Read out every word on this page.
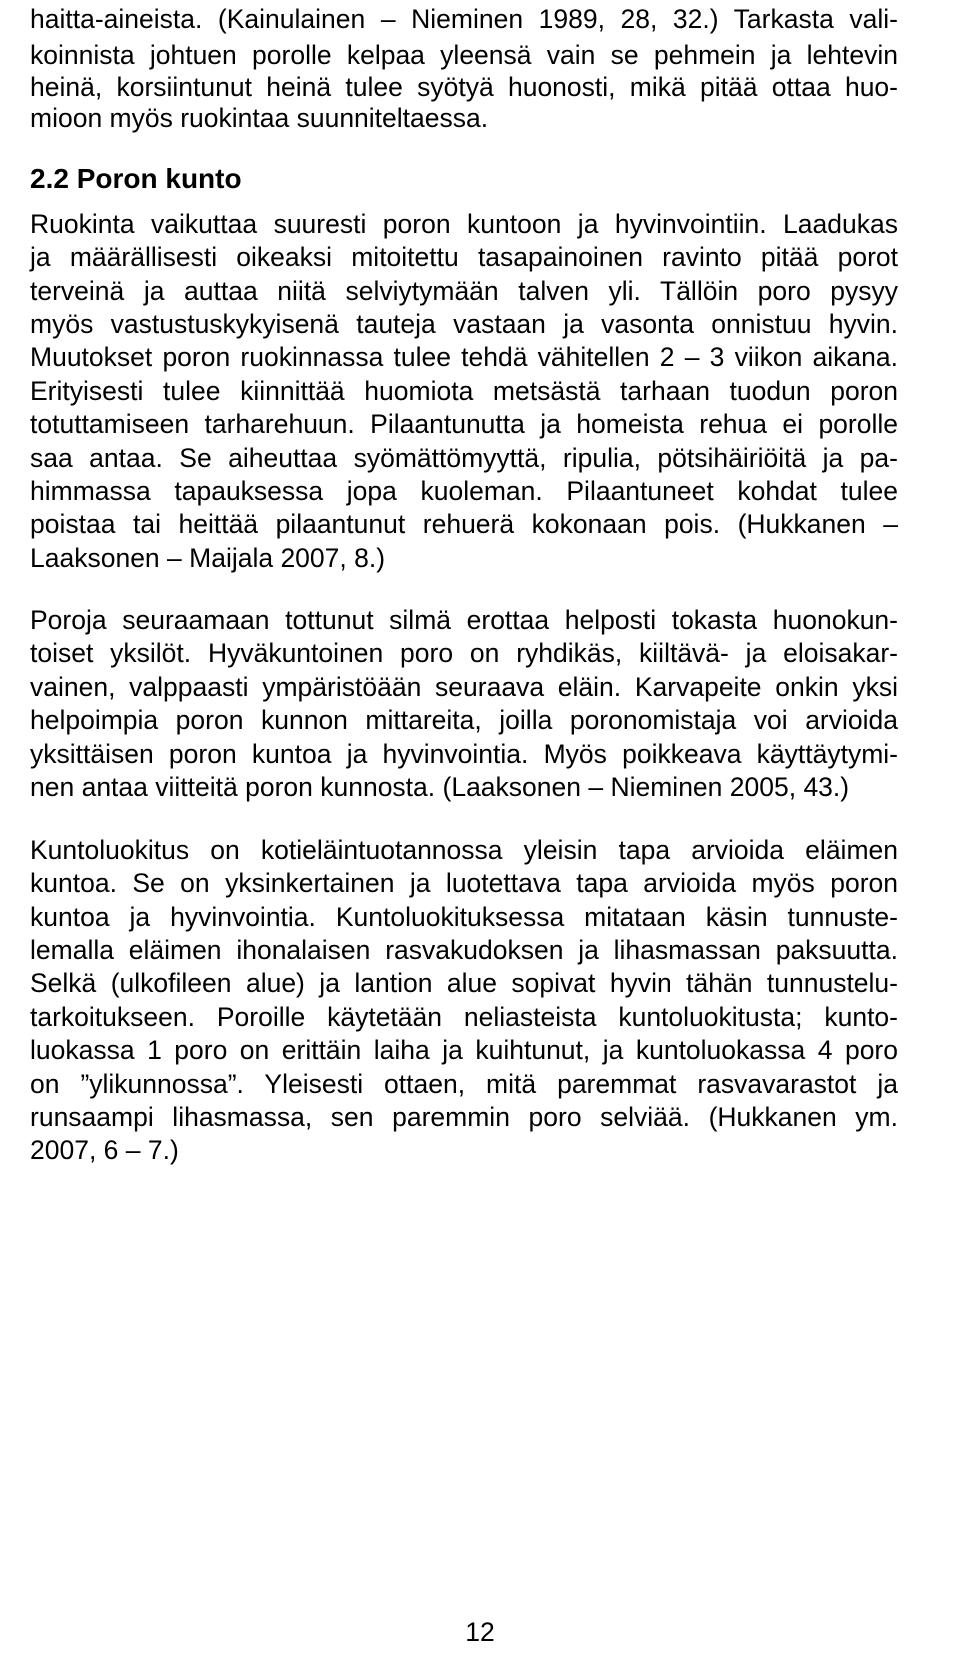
haitta-aineista. (Kainulainen – Nieminen 1989, 28, 32.) Tarkasta vali-
koinnista johtuen porolle kelpaa yleensä vain se pehmein ja lehtevin
heinä, korsiintunut heinä tulee syötyä huonosti, mikä pitää ottaa huo-
mioon myös ruokintaa suunniteltaessa.
2.2 Poron kunto
Ruokinta vaikuttaa suuresti poron kuntoon ja hyvinvointiin. Laadukas
ja määrällisesti oikeaksi mitoitettu tasapainoinen ravinto pitää porot
terveinä ja auttaa niitä selviytymään talven yli. Tällöin poro pysyy
myös vastustuskykyisenä tauteja vastaan ja vasonta onnistuu hyvin.
Muutokset poron ruokinnassa tulee tehdä vähitellen 2 – 3 viikon aikana.
Erityisesti tulee kiinnittää huomiota metsästä tarhaan tuodun poron
totuttamiseen tarharehuun. Pilaantunutta ja homeista rehua ei porolle
saa antaa. Se aiheuttaa syömättömyyttä, ripulia, pötsihäiriöitä ja pa-
himmassa tapauksessa jopa kuoleman. Pilaantuneet kohdat tulee
poistaa tai heittää pilaantunut rehuerä kokonaan pois. (Hukkanen –
Laaksonen – Maijala 2007, 8.)
Poroja seuraamaan tottunut silmä erottaa helposti tokasta huonokun-
toiset yksilöt. Hyväkuntoinen poro on ryhdikäs, kiiltävä- ja eloisakar-
vainen, valppaasti ympäristöään seuraava eläin. Karvapeite onkin yksi
helpoimpia poron kunnon mittareita, joilla poronomistaja voi arvioida
yksittäisen poron kuntoa ja hyvinvointia. Myös poikkeava käyttäytymi-
nen antaa viitteitä poron kunnosta. (Laaksonen – Nieminen 2005, 43.)
Kuntoluokitus on kotieläintuotannossa yleisin tapa arvioida eläimen
kuntoa. Se on yksinkertainen ja luotettava tapa arvioida myös poron
kuntoa ja hyvinvointia. Kuntoluokituksessa mitataan käsin tunnuste-
lemalla eläimen ihonalaisen rasvakudoksen ja lihasmassan paksuutta.
Selkä (ulkofileen alue) ja lantion alue sopivat hyvin tähän tunnustelu-
tarkoitukseen. Poroille käytetään neliasteista kuntoluokitusta; kunto-
luokassa 1 poro on erittäin laiha ja kuihtunut, ja kuntoluokassa 4 poro
on ”ylikunnossa”. Yleisesti ottaen, mitä paremmat rasvavarastot ja
runsaampi lihasmassa, sen paremmin poro selviää. (Hukkanen ym.
2007, 6 – 7.)
12
